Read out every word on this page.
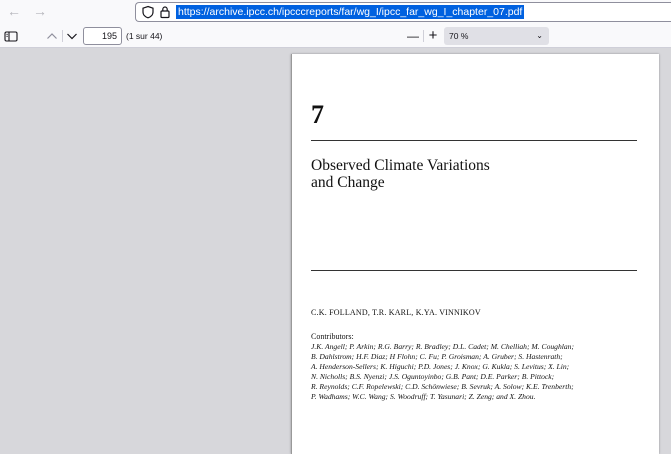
← →	https://archive.ipcc.ch/ipcccreports/far/wg_I/ipcc_far_wg_I_chapter_07.pdf
195	(1 sur 44)	— +	70 %	⌄
7
Observed Climate Variations
and Change
C.K. FOLLAND, T.R. KARL, K.YA. VINNIKOV
Contributors:
J.K. Angell; P. Arkin; R.G. Barry; R. Bradley; D.L. Cadet; M. Chelliah; M. Coughlan;
B. Dahlstrom; H.F. Diaz; H Flohn; C. Fu; P. Groisman; A. Gruber; S. Hastenrath;
A. Henderson-Sellers; K. Higuchi; P.D. Jones; J. Knox; G. Kukla; S. Levitus; X. Lin;
N. Nicholls; B.S. Nyenzi; J.S. Oguntoyinbo; G.B. Pant; D.E. Parker; B. Pittock;
R. Reynolds; C.F. Ropelewski; C.D. Schönwiese; B. Sevruk; A. Solow; K.E. Trenberth;
P. Wadhams; W.C. Wang; S. Woodruff; T. Yasunari; Z. Zeng; and X. Zhou.
